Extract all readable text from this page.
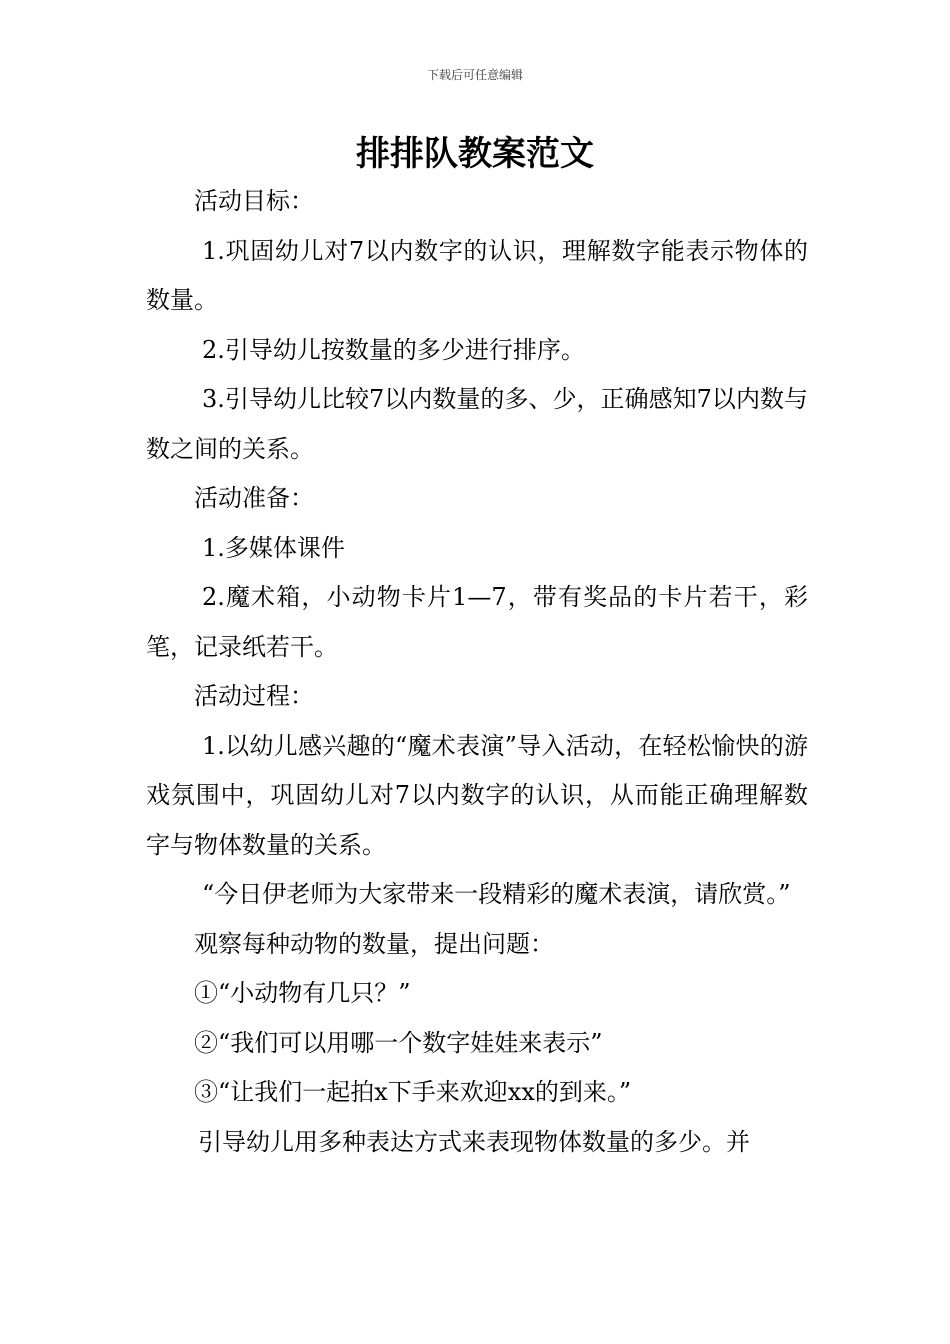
下载后可任意编辑
排排队教案范文

活动目标：

1.巩固幼儿对7以内数字的认识，理解数字能表示物体的数量。

2.引导幼儿按数量的多少进行排序。

3.引导幼儿比较7以内数量的多、少，正确感知7以内数与数之间的关系。

活动准备：

1.多媒体课件

2.魔术箱，小动物卡片1—7，带有奖品的卡片若干，彩笔，记录纸若干。

活动过程：

1.以幼儿感兴趣的“魔术表演”导入活动，在轻松愉快的游戏氛围中，巩固幼儿对7以内数字的认识，从而能正确理解数字与物体数量的关系。

“今日伊老师为大家带来一段精彩的魔术表演，请欣赏。”

观察每种动物的数量，提出问题：

①“小动物有几只？”

②“我们可以用哪一个数字娃娃来表示”

③“让我们一起拍x下手来欢迎xx的到来。”

引导幼儿用多种表达方式来表现物体数量的多少。并
